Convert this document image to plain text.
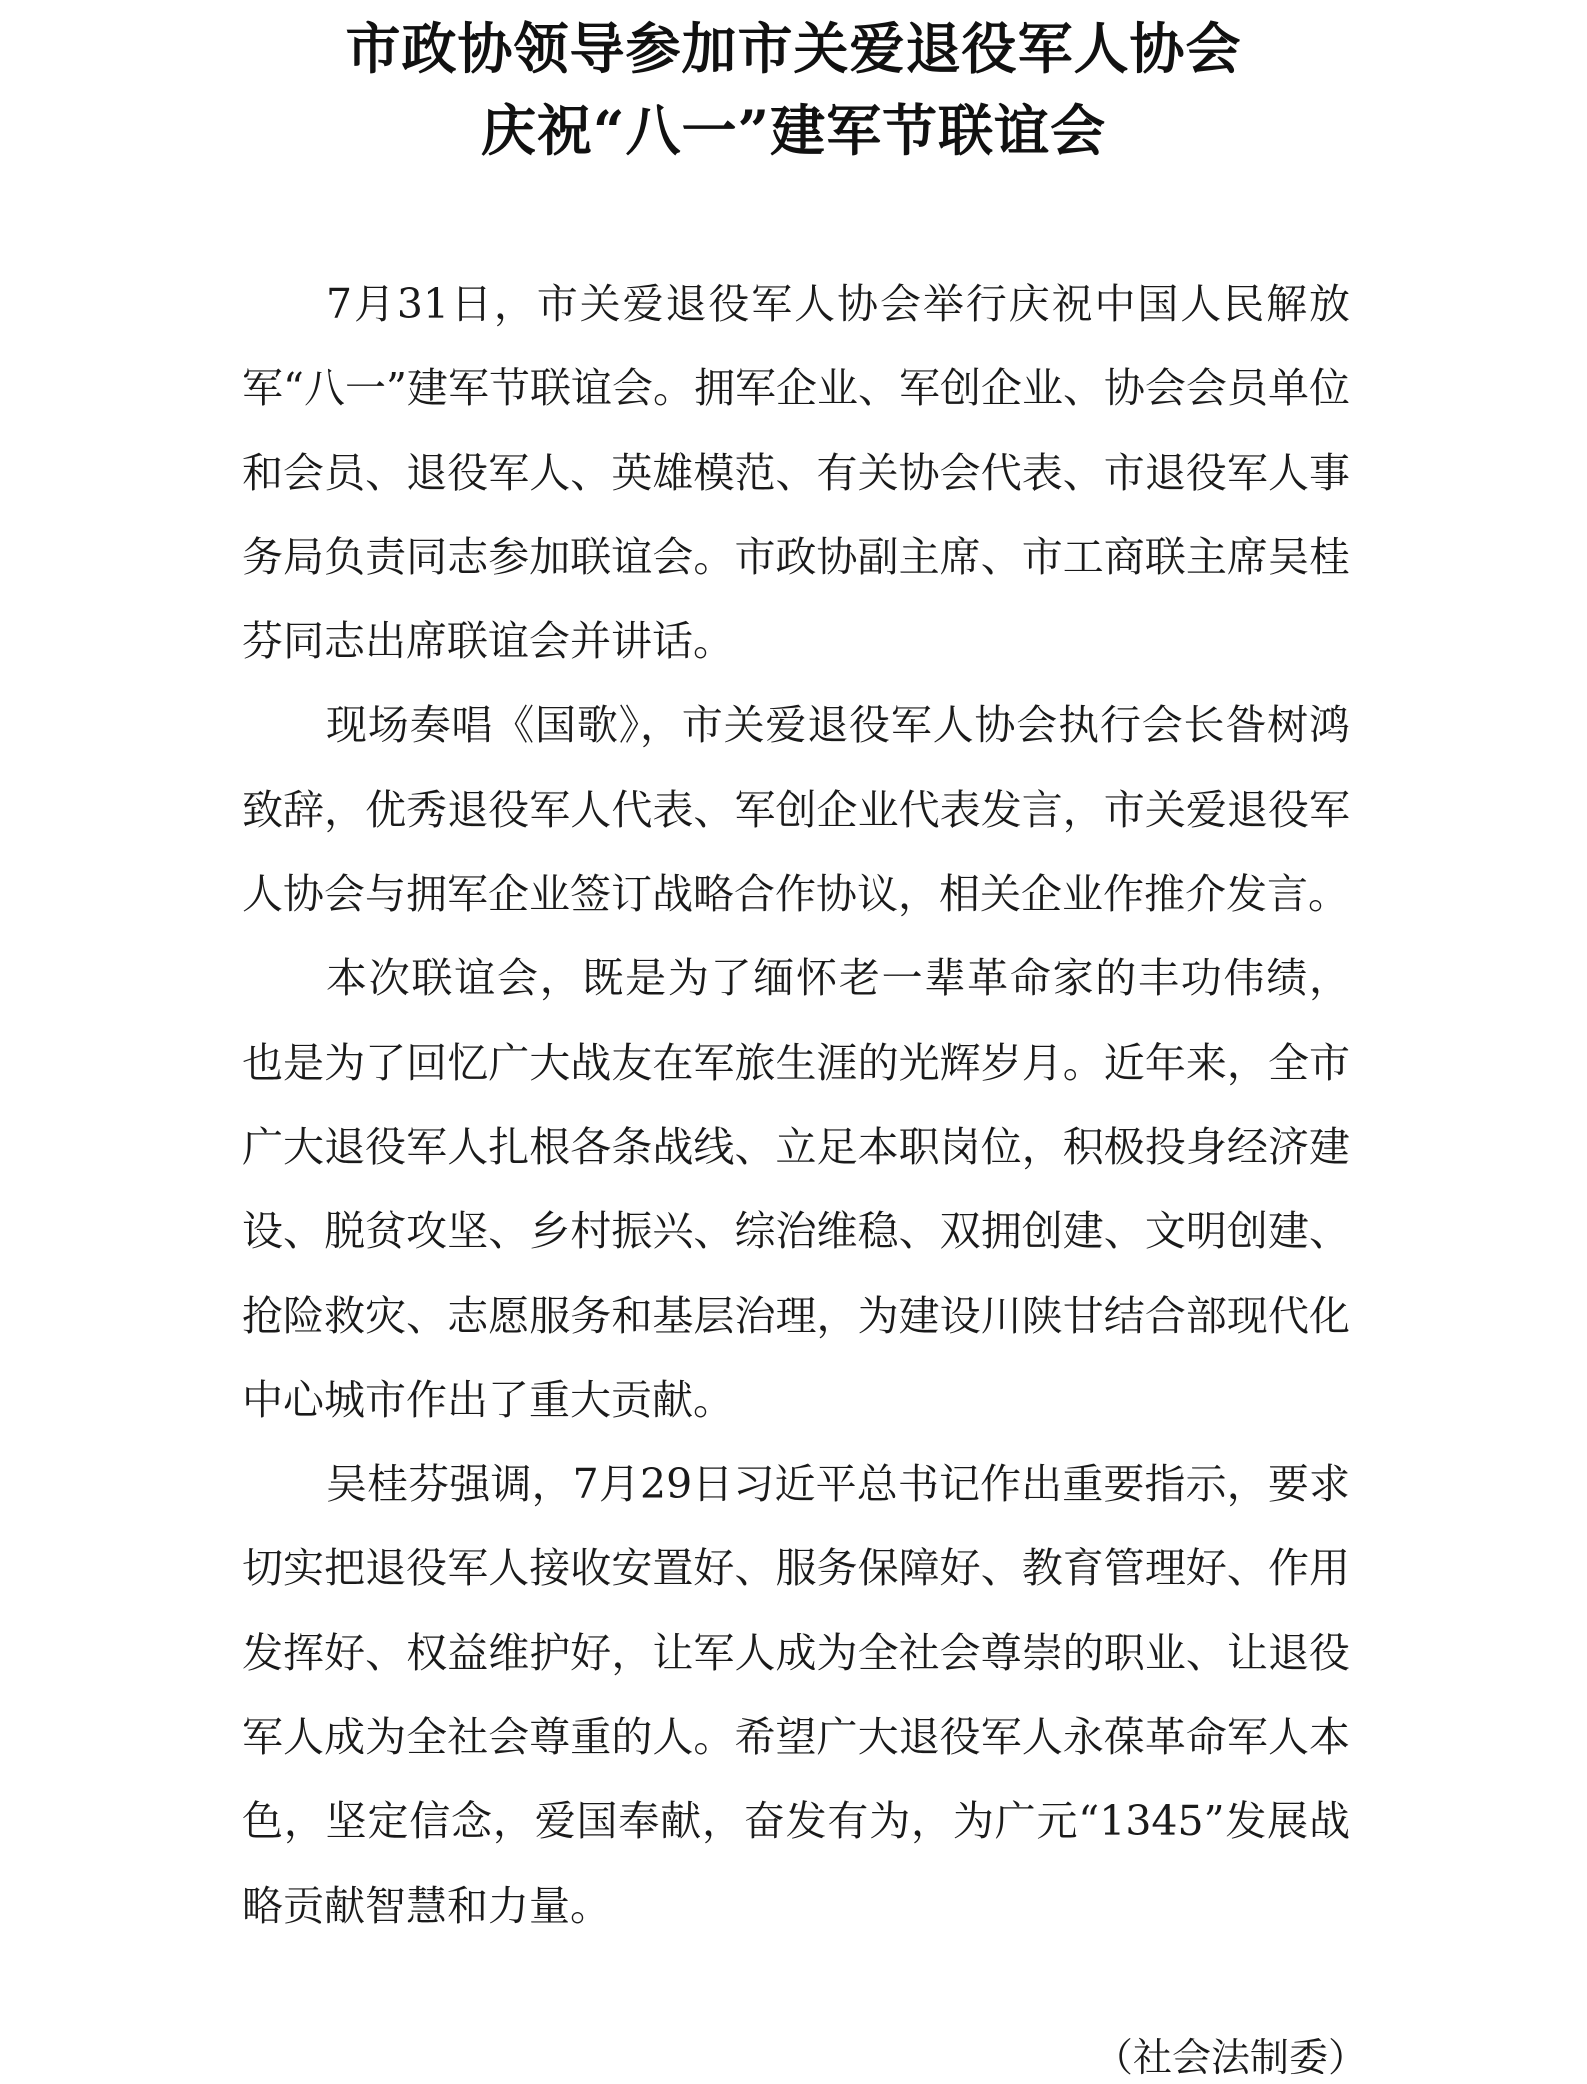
市政协领导参加市关爱退役军人协会
庆祝“八一”建军节联谊会

7月31日，市关爱退役军人协会举行庆祝中国人民解放军“八一”建军节联谊会。拥军企业、军创企业、协会会员单位和会员、退役军人、英雄模范、有关协会代表、市退役军人事务局负责同志参加联谊会。市政协副主席、市工商联主席吴桂芬同志出席联谊会并讲话。

现场奏唱《国歌》，市关爱退役军人协会执行会长昝树鸿致辞，优秀退役军人代表、军创企业代表发言，市关爱退役军人协会与拥军企业签订战略合作协议，相关企业作推介发言。

本次联谊会，既是为了缅怀老一辈革命家的丰功伟绩，也是为了回忆广大战友在军旅生涯的光辉岁月。近年来，全市广大退役军人扎根各条战线、立足本职岗位，积极投身经济建设、脱贫攻坚、乡村振兴、综治维稳、双拥创建、文明创建、抢险救灾、志愿服务和基层治理，为建设川陕甘结合部现代化中心城市作出了重大贡献。

吴桂芬强调，7月29日习近平总书记作出重要指示，要求切实把退役军人接收安置好、服务保障好、教育管理好、作用发挥好、权益维护好，让军人成为全社会尊崇的职业、让退役军人成为全社会尊重的人。希望广大退役军人永葆革命军人本色，坚定信念，爱国奉献，奋发有为，为广元“1345”发展战略贡献智慧和力量。

（社会法制委）
